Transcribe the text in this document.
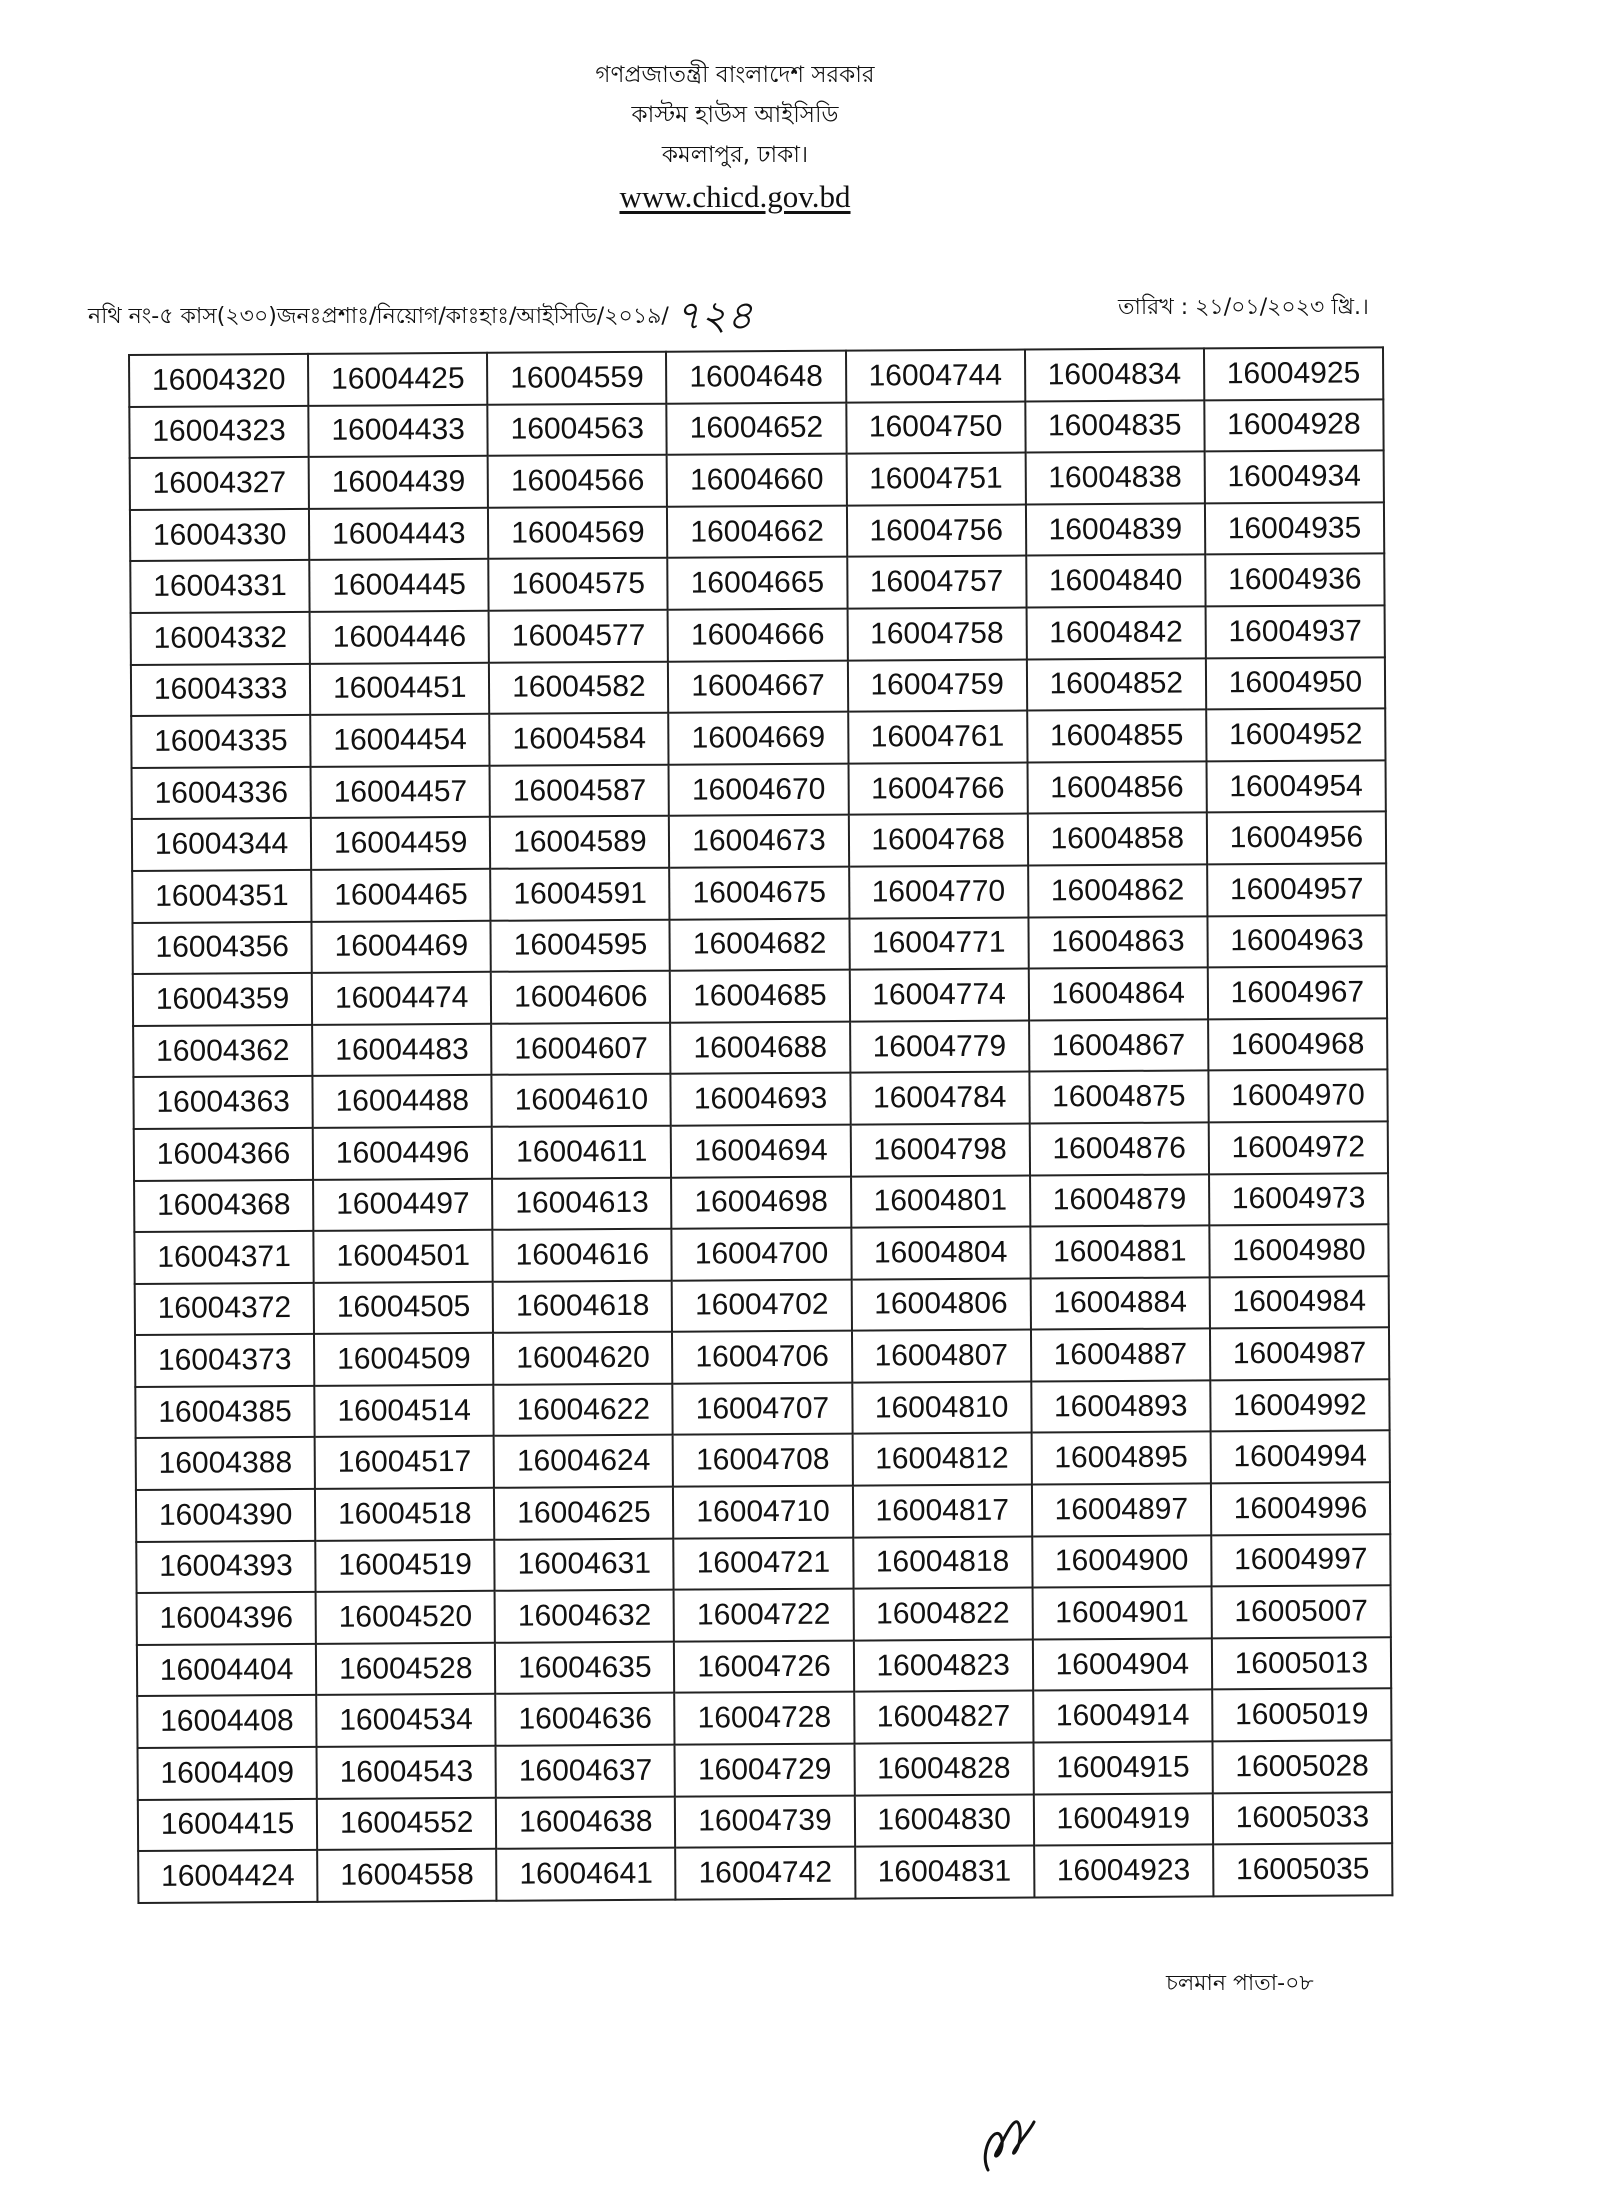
গণপ্রজাতন্ত্রী বাংলাদেশ সরকার
কাস্টম হাউস আইসিডি
কমলাপুর, ঢাকা।
www.chicd.gov.bd
নথি নং-৫ কাস(২৩০)জনঃপ্রশাঃ/নিয়োগ/কাঃহাঃ/আইসিডি/২০১৯/ ৭২৪	তারিখ : ২১/০১/২০২৩ খ্রি.।
16004320	16004425	16004559	16004648	16004744	16004834	16004925
16004323	16004433	16004563	16004652	16004750	16004835	16004928
16004327	16004439	16004566	16004660	16004751	16004838	16004934
16004330	16004443	16004569	16004662	16004756	16004839	16004935
16004331	16004445	16004575	16004665	16004757	16004840	16004936
16004332	16004446	16004577	16004666	16004758	16004842	16004937
16004333	16004451	16004582	16004667	16004759	16004852	16004950
16004335	16004454	16004584	16004669	16004761	16004855	16004952
16004336	16004457	16004587	16004670	16004766	16004856	16004954
16004344	16004459	16004589	16004673	16004768	16004858	16004956
16004351	16004465	16004591	16004675	16004770	16004862	16004957
16004356	16004469	16004595	16004682	16004771	16004863	16004963
16004359	16004474	16004606	16004685	16004774	16004864	16004967
16004362	16004483	16004607	16004688	16004779	16004867	16004968
16004363	16004488	16004610	16004693	16004784	16004875	16004970
16004366	16004496	16004611	16004694	16004798	16004876	16004972
16004368	16004497	16004613	16004698	16004801	16004879	16004973
16004371	16004501	16004616	16004700	16004804	16004881	16004980
16004372	16004505	16004618	16004702	16004806	16004884	16004984
16004373	16004509	16004620	16004706	16004807	16004887	16004987
16004385	16004514	16004622	16004707	16004810	16004893	16004992
16004388	16004517	16004624	16004708	16004812	16004895	16004994
16004390	16004518	16004625	16004710	16004817	16004897	16004996
16004393	16004519	16004631	16004721	16004818	16004900	16004997
16004396	16004520	16004632	16004722	16004822	16004901	16005007
16004404	16004528	16004635	16004726	16004823	16004904	16005013
16004408	16004534	16004636	16004728	16004827	16004914	16005019
16004409	16004543	16004637	16004729	16004828	16004915	16005028
16004415	16004552	16004638	16004739	16004830	16004919	16005033
16004424	16004558	16004641	16004742	16004831	16004923	16005035
চলমান পাতা-০৮
